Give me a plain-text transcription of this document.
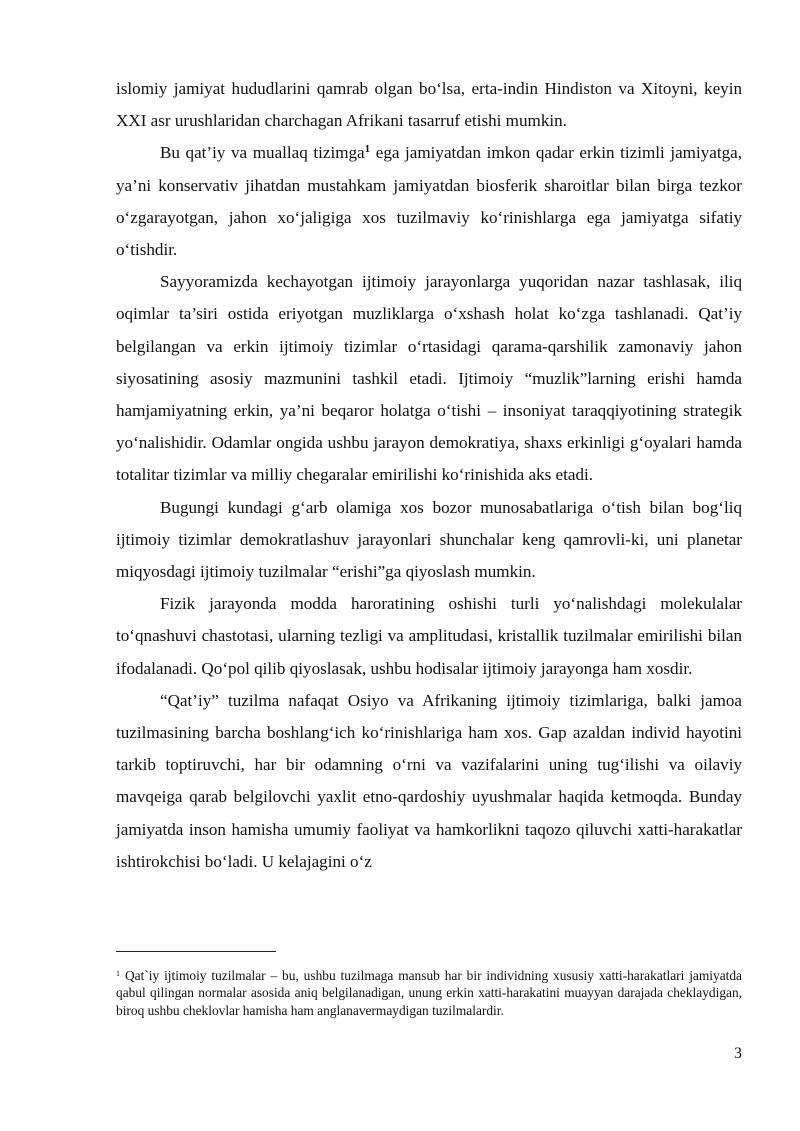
islomiy jamiyat hududlarini qamrab olgan bo‘lsa, erta-indin Hindiston va Xitoyni, keyin XXI asr urushlaridan charchagan Afrikani tasarruf etishi mumkin.

Bu qat’iy va muallaq tizimga$^1$ ega jamiyatdan imkon qadar erkin tizimli jamiyatga, ya’ni konservativ jihatdan mustahkam jamiyatdan biosferik sharoitlar bilan birga tezkor o‘zgarayotgan, jahon xo‘jaligiga xos tuzilmaviy ko‘rinishlarga ega jamiyatga sifatiy o‘tishdir.

Sayyoramizda kechayotgan ijtimoiy jarayonlarga yuqoridan nazar tashlasak, iliq oqimlar ta’siri ostida eriyotgan muzliklarga o‘xshash holat ko‘zga tashlanadi. Qat’iy belgilangan va erkin ijtimoiy tizimlar o‘rtasidagi qarama-qarshilik zamonaviy jahon siyosatining asosiy mazmunini tashkil etadi. Ijtimoiy “muzlik”larning erishi hamda hamjamiyatning erkin, ya’ni beqaror holatga o‘tishi – insoniyat taraqqiyotining strategik yo‘nalishidir. Odamlar ongida ushbu jarayon demokratiya, shaxs erkinligi g‘oyalari hamda totalitar tizimlar va milliy chegaralar emirilishi ko‘rinishida aks etadi.

Bugungi kundagi g‘arb olamiga xos bozor munosabatlariga o‘tish bilan bog‘liq ijtimoiy tizimlar demokratlashuv jarayonlari shunchalar keng qamrovli-ki, uni planetar miqyosdagi ijtimoiy tuzilmalar “erishi”ga qiyoslash mumkin.

Fizik jarayonda modda haroratining oshishi turli yo‘nalishdagi molekulalar to‘qnashuvi chastotasi, ularning tezligi va amplitudasi, kristallik tuzilmalar emirilishi bilan ifodalanadi. Qo‘pol qilib qiyoslasak, ushbu hodisalar ijtimoiy jarayonga ham xosdir.

“Qat’iy” tuzilma nafaqat Osiyo va Afrikaning ijtimoiy tizimlariga, balki jamoa tuzilmasining barcha boshlang‘ich ko‘rinishlariga ham xos. Gap azaldan individ hayotini tarkib toptiruvchi, har bir odamning o‘rni va vazifalarini uning tug‘ilishi va oilaviy mavqeiga qarab belgilovchi yaxlit etno-qardoshiy uyushmalar haqida ketmoqda. Bunday jamiyatda inson hamisha umumiy faoliyat va hamkorlikni taqozo qiluvchi xatti-harakatlar ishtirokchisi bo‘ladi. U kelajagini o‘z

$^1$ Qat`iy ijtimoiy tuzilmalar – bu, ushbu tuzilmaga mansub har bir individning xususiy xatti-harakatlari jamiyatda qabul qilingan normalar asosida aniq belgilanadigan, unung erkin xatti-harakatini muayyan darajada cheklaydigan, biroq ushbu cheklovlar hamisha ham anglanavermaydigan tuzilmalardir.

3
